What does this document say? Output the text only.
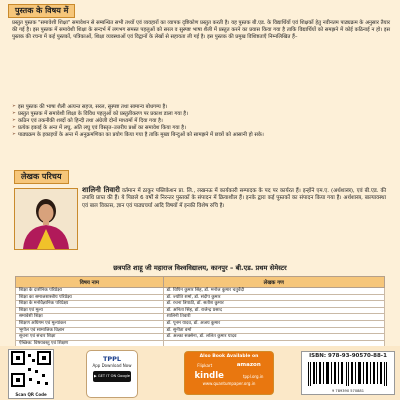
पुस्तक के विषय में
प्रस्तुत पुस्तक "समावेशी शिक्षा" समावेशन से सम्बन्धित सभी तथ्यों एवं व्यवहारों का व्यापक दृष्टिकोण प्रस्तुत करती है। यह पुस्तक बी.एड. के विद्यार्थियों एवं शिक्षकों हेतु नवीनतम पाठ्यक्रम के अनुसार तैयार की गई है। इस पुस्तक में समावेशी शिक्षा के सन्दर्भ में लगभग समस्त पहलुओं को सरल व सुस्पष्ट भाषा शैली में प्रस्तुत करने का प्रयास किया गया है ताकि विद्यार्थियों को समझने में कोई कठिनाई न हो। इस पुस्तक की रचना में कई पुस्तकों, पत्रिकाओं, शिक्षा व्यवस्थाओं एवं विद्वानों के लेखों से सहायता ली गई है। इस पुस्तक की प्रमुख विशिष्टताएँ निम्नलिखित हैं–
➢ इस पुस्तक की भाषा शैली अत्यन्त सहज, सरल, सुस्पष्ट तथा सामान्य बोधगम्य है।
➢ प्रस्तुत पुस्तक में समावेशी शिक्षा के विविध पहलुओं को प्रस्तुतीकरण पर प्रकाश डाला गया है।
➢ कठिन एवं तकनीकी शब्दों को हिन्दी तथा अंग्रेजी दोनों माध्यमों में दिया गया है।
➢ प्रत्येक इकाई के अन्त में लघु, अति लघु एवं विस्तृत–उत्तरीय प्रश्नों का समावेश किया गया है।
➢ पाठ्यक्रम के इकाइयों के अन्त में अनुक्रमणिका का प्रयोग किया गया है ताकि मुख्य बिन्दुओं को सामझने में छात्रों को आसानी हो सके।
लेखक परिचय
शालिनी तिवारी वर्तमान में ठाकुर पब्लिकेशन प्रा. लि., लखनऊ में कार्यकारी सम्पादक के पद पर कार्यरत हैं। इन्होंने एम.ए. (अर्थशास्त्र), एवं बी.एड. की उपाधि प्राप्त की हैं। ये पिछले 6 वर्षों से निरन्तर पुस्तकों के संपादन में क्रियाशील हैं। इनके द्वारा कई पुस्तकों का संपादन किया गया है। अर्थशास्त्र, बाल्यावस्था एवं बाल विकास, ज्ञान एवं पाठ्यचर्या आदि विषयों में इनकी विशेष रुचि है।
छत्रपति शाहू जी महाराज विश्वविद्यालय, कानपुर – बी.एड. प्रथम सेमेस्टर
विषय नाम	लेखक गण
शिक्षा के दार्शनिक परिप्रेक्ष्य	डॉ. विपिन कुमार सिंह, डॉ. मनोज कुमार चतुर्वेदी
शिक्षा का समाजशास्त्रीय परिप्रेक्ष्य	डॉ. ज्योति शर्मा, डॉ. संदीप कुमार
शिक्षा के मनोवैज्ञानिक परिप्रेक्ष्य	डॉ. रचना त्रिपाठी, डॉ. सतीश कुमार
शिक्षा एवं मूल्य	डॉ. अनिता सिंह, डॉ. राजेन्द्र प्रसाद
समावेशी शिक्षा	शालिनी तिवारी
शिक्षण अधिगम एवं मूल्यांकन	डॉ. पूनम यादव, डॉ. अजय कुमार
भूगोल एवं सामाजिक विज्ञान	डॉ. सुनीता वर्मा
सूचना एवं संचार शिक्षा	डॉ. अल्का सक्सेना, डॉ. ललित कुमार यादव
ऐच्छिक: विषयवस्तु एवं शिक्षण	
Scan QR Code
TPPL
App Download Now
▶ GET IT ON Google Play
Also Book Available on
Flipkart	amazon
kindle	tppl.org.in
www.quantumpaper.org.in
ISBN: 978-93-90570-88-1
9 789390 570881
